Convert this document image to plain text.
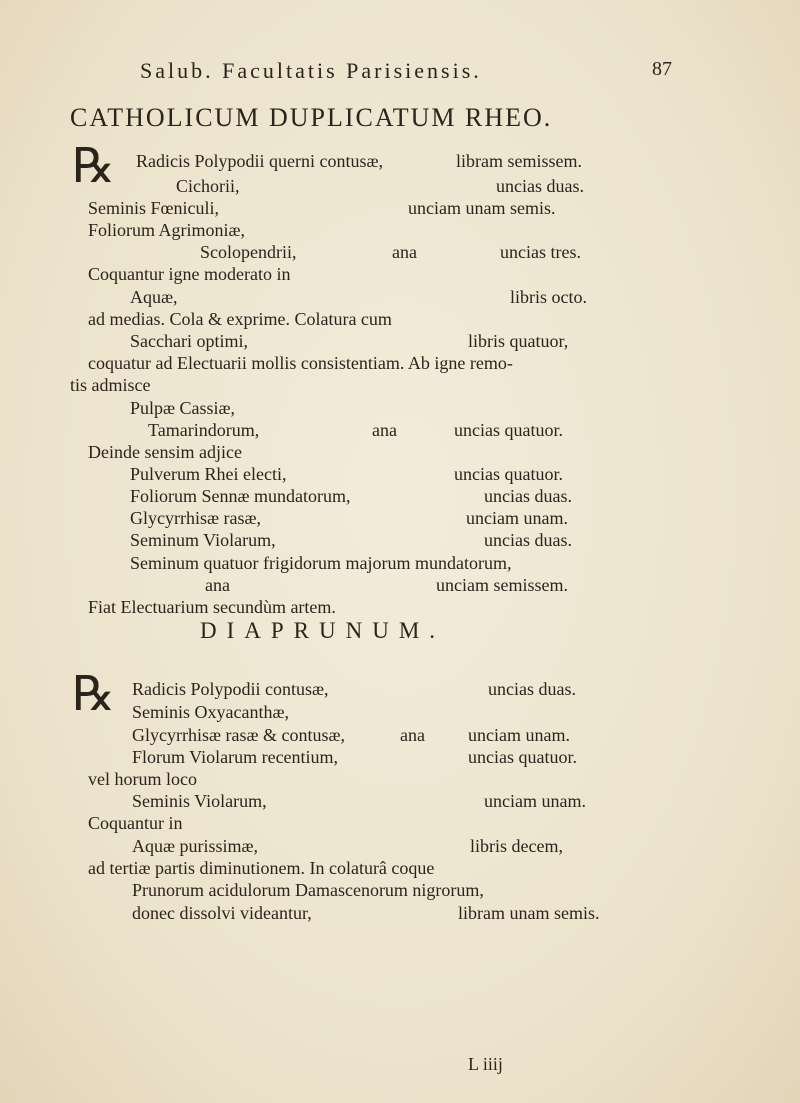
Salub. Facultatis Parisiensis.	87
CATHOLICUM DUPLICATUM RHEO.
℞ Radicis Polypodii querni contusæ,	libram semissem.
Cichorii,	uncias duas.
Seminis Fœniculi,	unciam unam semis.
Foliorum Agrimoniæ,
Scolopendrii,	ana	uncias tres.
Coquantur igne moderato in
Aquæ,	libris octo.
ad medias. Cola & exprime. Colatura cum
Sacchari optimi,	libris quatuor,
coquatur ad Electuarii mollis consistentiam. Ab igne remo-
tis admisce
Pulpæ Cassiæ,
Tamarindorum,	ana	uncias quatuor.
Deinde sensim adjice
Pulverum Rhei electi,	uncias quatuor.
Foliorum Sennæ mundatorum,	uncias duas.
Glycyrrhisæ rasæ,	unciam unam.
Seminum Violarum,	uncias duas.
Seminum quatuor frigidorum majorum mundatorum,
ana	unciam semissem.
Fiat Electuarium secundùm artem.
DIAPRUNUM.
℞ Radicis Polypodii contusæ,	uncias duas.
Seminis Oxyacanthæ,
Glycyrrhisæ rasæ & contusæ,	ana unciam unam.
Florum Violarum recentium,	uncias quatuor.
vel horum loco
Seminis Violarum,	unciam unam.
Coquantur in
Aquæ purissimæ,	libris decem,
ad tertiæ partis diminutionem. In colaturâ coque
Prunorum acidulorum Damascenorum nigrorum,
donec dissolvi videantur,	libram unam semis.
L iiij
